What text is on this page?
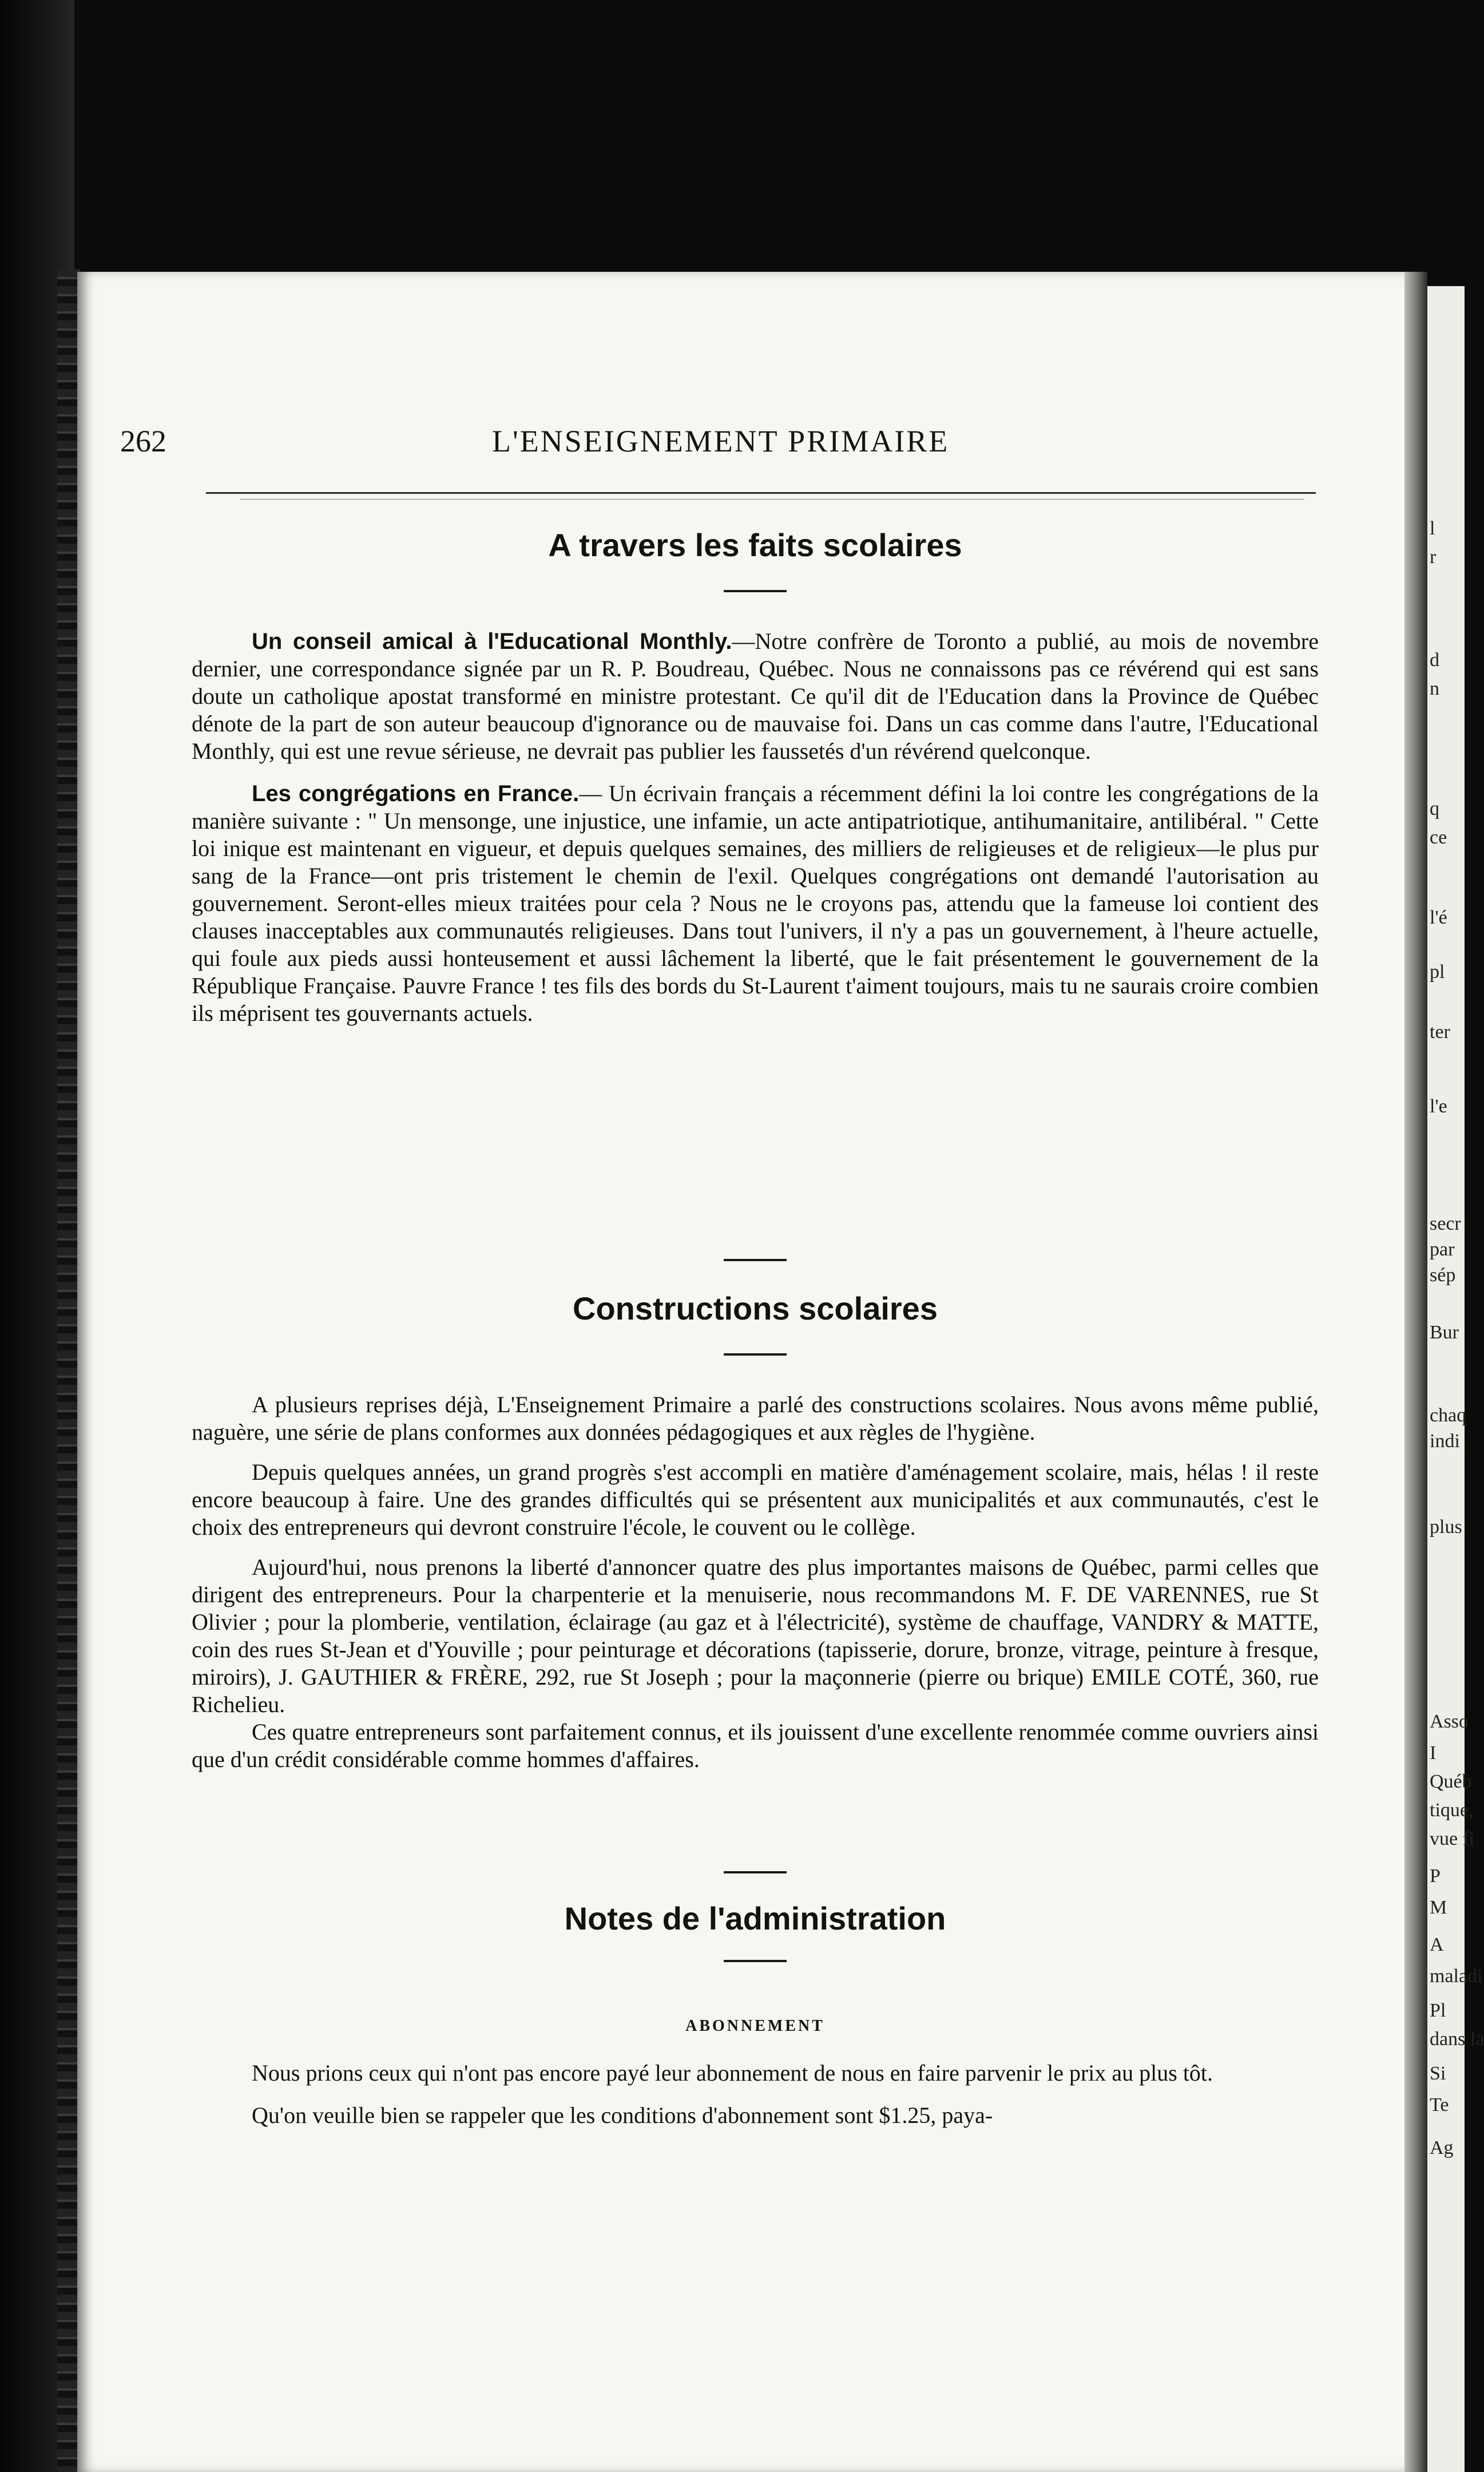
l
r
d
n
q
ce
l'é
pl
ter
l'e
secr
par
sép
Bur
chaq
indi
plus
Asso
I
Québ
tique,
vue fi
P
M
A
maladi
Pl
dans la
Si
Te
Ag
262	L'ENSEIGNEMENT PRIMAIRE
A travers les faits scolaires

Un conseil amical à l'Educational Monthly.—Notre confrère de Toronto a publié, au mois de novembre dernier, une correspondance signée par un R. P. Boudreau, Québec. Nous ne connaissons pas ce révérend qui est sans doute un catholique apostat transformé en ministre protestant. Ce qu'il dit de l'Education dans la Province de Québec dénote de la part de son auteur beaucoup d'ignorance ou de mauvaise foi. Dans un cas comme dans l'autre, l'Educational Monthly, qui est une revue sérieuse, ne devrait pas publier les faussetés d'un révérend quelconque.

Les congrégations en France.— Un écrivain français a récemment défini la loi contre les congrégations de la manière suivante : " Un mensonge, une injustice, une infamie, un acte antipatriotique, antihumanitaire, antilibéral. " Cette loi inique est maintenant en vigueur, et depuis quelques semaines, des milliers de religieuses et de religieux—le plus pur sang de la France—ont pris tristement le chemin de l'exil. Quelques congrégations ont demandé l'autorisation au gouvernement. Seront-elles mieux traitées pour cela ? Nous ne le croyons pas, attendu que la fameuse loi contient des clauses inacceptables aux communautés religieuses. Dans tout l'univers, il n'y a pas un gouvernement, à l'heure actuelle, qui foule aux pieds aussi honteusement et aussi lâchement la liberté, que le fait présentement le gouvernement de la République Française. Pauvre France ! tes fils des bords du St-Laurent t'aiment toujours, mais tu ne saurais croire combien ils méprisent tes gouvernants actuels.

Constructions scolaires

A plusieurs reprises déjà, L'Enseignement Primaire a parlé des constructions scolaires. Nous avons même publié, naguère, une série de plans conformes aux données pédagogiques et aux règles de l'hygiène.

Depuis quelques années, un grand progrès s'est accompli en matière d'aménagement scolaire, mais, hélas ! il reste encore beaucoup à faire. Une des grandes difficultés qui se présentent aux municipalités et aux communautés, c'est le choix des entrepreneurs qui devront construire l'école, le couvent ou le collège.

Aujourd'hui, nous prenons la liberté d'annoncer quatre des plus importantes maisons de Québec, parmi celles que dirigent des entrepreneurs. Pour la charpenterie et la menuiserie, nous recommandons M. F. DE VARENNES, rue St Olivier ; pour la plomberie, ventilation, éclairage (au gaz et à l'électricité), système de chauffage, VANDRY & MATTE, coin des rues St-Jean et d'Youville ; pour peinturage et décorations (tapisserie, dorure, bronze, vitrage, peinture à fresque, miroirs), J. GAUTHIER & FRÈRE, 292, rue St Joseph ; pour la maçonnerie (pierre ou brique) EMILE COTÉ, 360, rue Richelieu.

Ces quatre entrepreneurs sont parfaitement connus, et ils jouissent d'une excellente renommée comme ouvriers ainsi que d'un crédit considérable comme hommes d'affaires.

Notes de l'administration
ABONNEMENT

Nous prions ceux qui n'ont pas encore payé leur abonnement de nous en faire parvenir le prix au plus tôt.

Qu'on veuille bien se rappeler que les conditions d'abonnement sont $1.25, paya-
